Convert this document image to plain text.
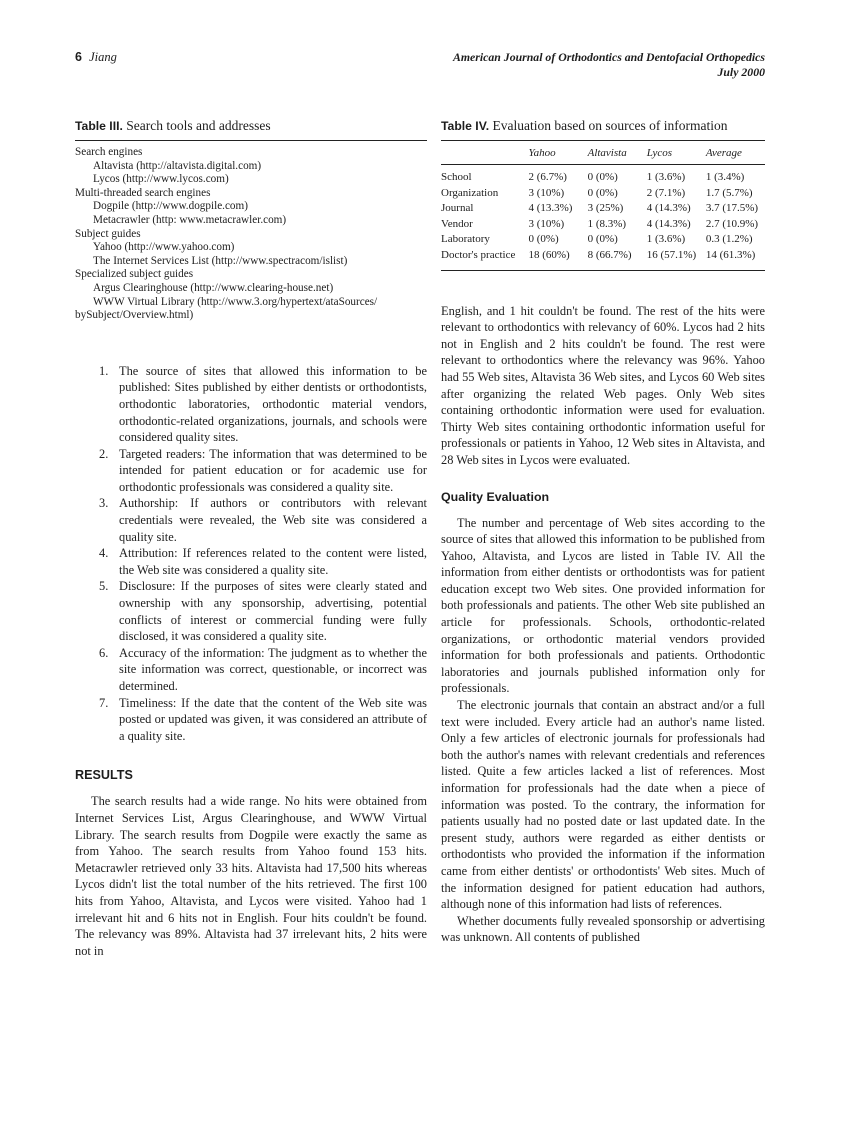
6 Jiang	American Journal of Orthodontics and Dentofacial Orthopedics
July 2000
Table III. Search tools and addresses
Search engines
Altavista (http://altavista.digital.com)
Lycos (http://www.lycos.com)
Multi-threaded search engines
Dogpile (http://www.dogpile.com)
Metacrawler (http: www.metacrawler.com)
Subject guides
Yahoo (http://www.yahoo.com)
The Internet Services List (http://www.spectracom/islist)
Specialized subject guides
Argus Clearinghouse (http://www.clearing-house.net)
WWW Virtual Library (http://www.3.org/hypertext/ataSources/
bySubject/Overview.html)
1. The source of sites that allowed this information to be published: Sites published by either dentists or orthodontists, orthodontic laboratories, orthodontic material vendors, orthodontic-related organizations, journals, and schools were considered quality sites.
2. Targeted readers: The information that was determined to be intended for patient education or for academic use for orthodontic professionals was considered a quality site.
3. Authorship: If authors or contributors with relevant credentials were revealed, the Web site was considered a quality site.
4. Attribution: If references related to the content were listed, the Web site was considered a quality site.
5. Disclosure: If the purposes of sites were clearly stated and ownership with any sponsorship, advertising, potential conflicts of interest or commercial funding were fully disclosed, it was considered a quality site.
6. Accuracy of the information: The judgment as to whether the site information was correct, questionable, or incorrect was determined.
7. Timeliness: If the date that the content of the Web site was posted or updated was given, it was considered an attribute of a quality site.
RESULTS

The search results had a wide range. No hits were obtained from Internet Services List, Argus Clearinghouse, and WWW Virtual Library. The search results from Dogpile were exactly the same as from Yahoo. The search results from Yahoo found 153 hits. Metacrawler retrieved only 33 hits. Altavista had 17,500 hits whereas Lycos didn't list the total number of the hits retrieved. The first 100 hits from Yahoo, Altavista, and Lycos were visited. Yahoo had 1 irrelevant hit and 6 hits not in English. Four hits couldn't be found. The relevancy was 89%. Altavista had 37 irrelevant hits, 2 hits were not in

Table IV. Evaluation based on sources of information
	Yahoo	Altavista	Lycos	Average
School	2 (6.7%)	0 (0%)	1 (3.6%)	1 (3.4%)
Organization	3 (10%)	0 (0%)	2 (7.1%)	1.7 (5.7%)
Journal	4 (13.3%)	3 (25%)	4 (14.3%)	3.7 (17.5%)
Vendor	3 (10%)	1 (8.3%)	4 (14.3%)	2.7 (10.9%)
Laboratory	0 (0%)	0 (0%)	1 (3.6%)	0.3 (1.2%)
Doctor's practice	18 (60%)	8 (66.7%)	16 (57.1%)	14 (61.3%)

English, and 1 hit couldn't be found. The rest of the hits were relevant to orthodontics with relevancy of 60%. Lycos had 2 hits not in English and 2 hits couldn't be found. The rest were relevant to orthodontics where the relevancy was 96%. Yahoo had 55 Web sites, Altavista 36 Web sites, and Lycos 60 Web sites after organizing the related Web pages. Only Web sites containing orthodontic information were used for evaluation. Thirty Web sites containing orthodontic information useful for professionals or patients in Yahoo, 12 Web sites in Altavista, and 28 Web sites in Lycos were evaluated.

Quality Evaluation

The number and percentage of Web sites according to the source of sites that allowed this information to be published from Yahoo, Altavista, and Lycos are listed in Table IV. All the information from either dentists or orthodontists was for patient education except two Web sites. One provided information for both professionals and patients. The other Web site published an article for professionals. Schools, orthodontic-related organizations, or orthodontic material vendors provided information for both professionals and patients. Orthodontic laboratories and journals published information only for professionals.

The electronic journals that contain an abstract and/or a full text were included. Every article had an author's name listed. Only a few articles of electronic journals for professionals had both the author's names with relevant credentials and references listed. Quite a few articles lacked a list of references. Most information for professionals had the date when a piece of information was posted. To the contrary, the information for patients usually had no posted date or last updated date. In the present study, authors were regarded as either dentists or orthodontists who provided the information if the information came from either dentists' or orthodontists' Web sites. Much of the information designed for patient education had authors, although none of this information had lists of references.

Whether documents fully revealed sponsorship or advertising was unknown. All contents of published
